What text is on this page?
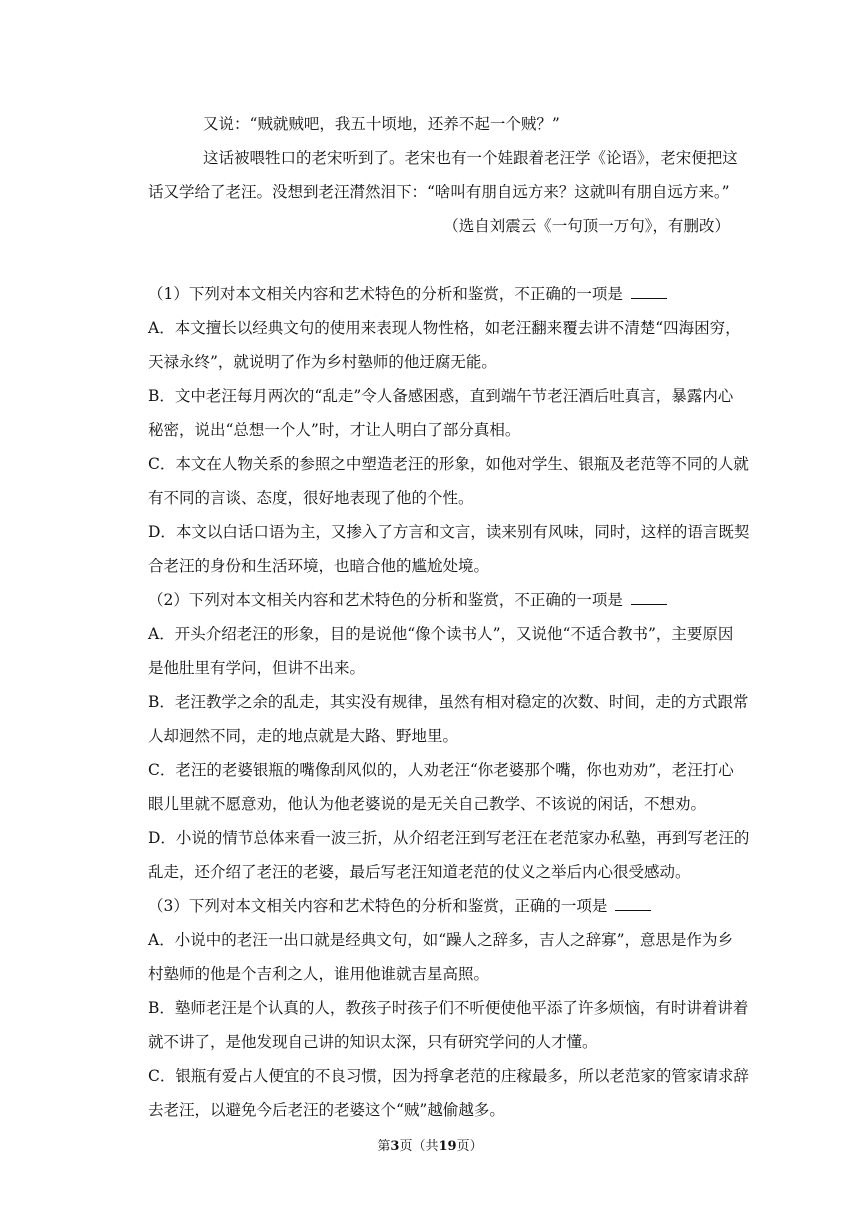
又说：“贼就贼吧，我五十顷地，还养不起一个贼？”

这话被喂牲口的老宋听到了。老宋也有一个娃跟着老汪学《论语》，老宋便把这

话又学给了老汪。没想到老汪潸然泪下：“啥叫有朋自远方来？这就叫有朋自远方来。”

（选自刘震云《一句顶一万句》，有删改）

（1）下列对本文相关内容和艺术特色的分析和鉴赏，不正确的一项是

A．本文擅长以经典文句的使用来表现人物性格，如老汪翻来覆去讲不清楚“四海困穷，

天禄永终”，就说明了作为乡村塾师的他迂腐无能。

B．文中老汪每月两次的“乱走”令人备感困惑，直到端午节老汪酒后吐真言，暴露内心

秘密，说出“总想一个人”时，才让人明白了部分真相。

C．本文在人物关系的参照之中塑造老汪的形象，如他对学生、银瓶及老范等不同的人就

有不同的言谈、态度，很好地表现了他的个性。

D．本文以白话口语为主，又掺入了方言和文言，读来别有风味，同时，这样的语言既契

合老汪的身份和生活环境，也暗合他的尴尬处境。

（2）下列对本文相关内容和艺术特色的分析和鉴赏，不正确的一项是

A．开头介绍老汪的形象，目的是说他“像个读书人”，又说他“不适合教书”，主要原因

是他肚里有学问，但讲不出来。

B．老汪教学之余的乱走，其实没有规律，虽然有相对稳定的次数、时间，走的方式跟常

人却迥然不同，走的地点就是大路、野地里。

C．老汪的老婆银瓶的嘴像刮风似的，人劝老汪“你老婆那个嘴，你也劝劝”，老汪打心

眼儿里就不愿意劝，他认为他老婆说的是无关自己教学、不该说的闲话，不想劝。

D．小说的情节总体来看一波三折，从介绍老汪到写老汪在老范家办私塾，再到写老汪的

乱走，还介绍了老汪的老婆，最后写老汪知道老范的仗义之举后内心很受感动。

（3）下列对本文相关内容和艺术特色的分析和鉴赏，正确的一项是

A．小说中的老汪一出口就是经典文句，如“躁人之辞多，吉人之辞寡”，意思是作为乡

村塾师的他是个吉利之人，谁用他谁就吉星高照。

B．塾师老汪是个认真的人，教孩子时孩子们不听便使他平添了许多烦恼，有时讲着讲着

就不讲了，是他发现自己讲的知识太深，只有研究学问的人才懂。

C．银瓶有爱占人便宜的不良习惯，因为捋拿老范的庄稼最多，所以老范家的管家请求辞

去老汪，以避免今后老汪的老婆这个“贼”越偷越多。

第3页（共19页）
